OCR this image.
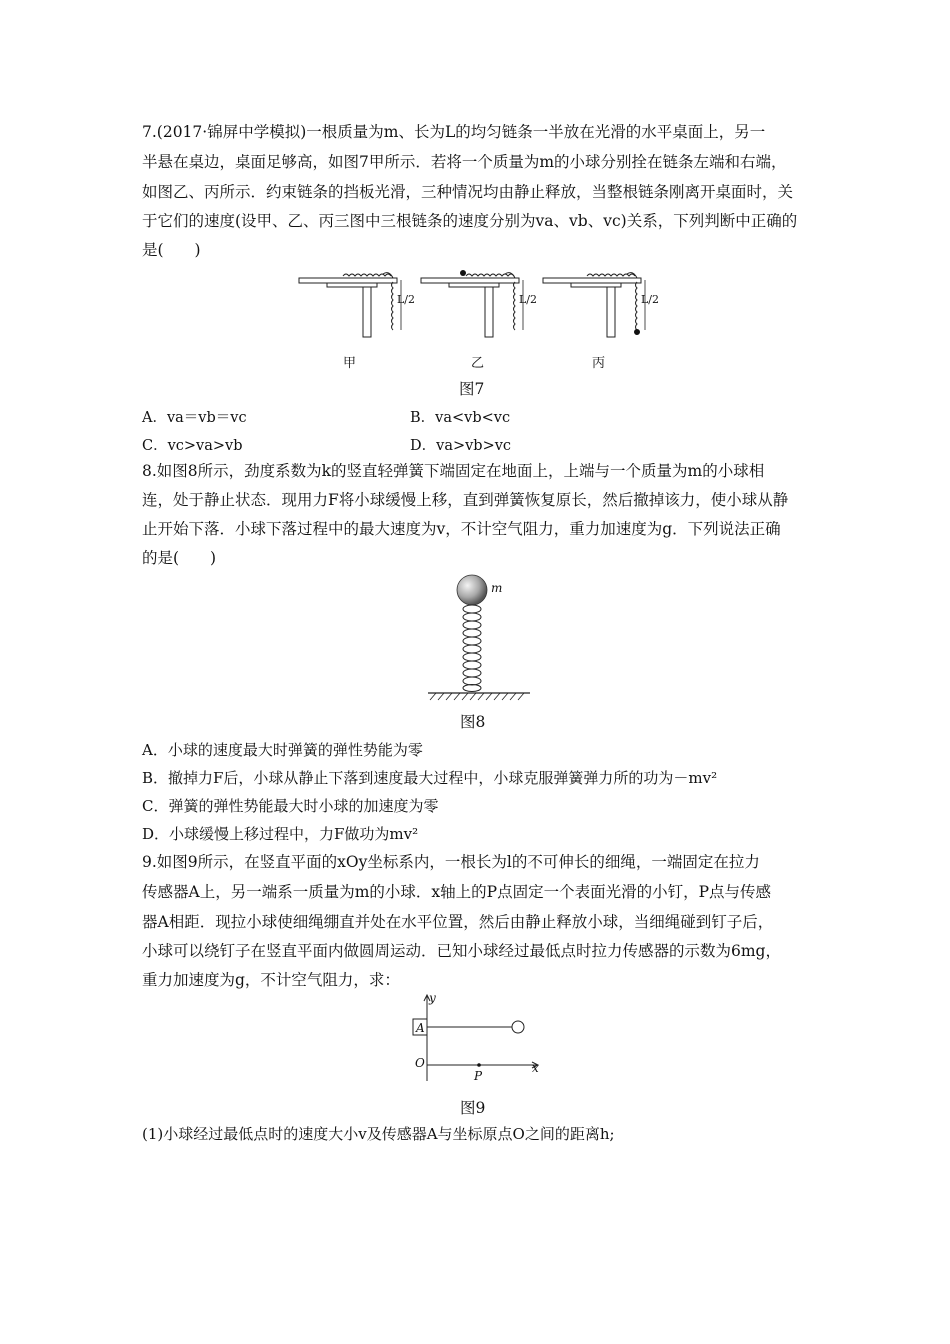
7.(2017·锦屏中学模拟)一根质量为m、长为L的均匀链条一半放在光滑的水平桌面上，另一
半悬在桌边，桌面足够高，如图7甲所示．若将一个质量为m的小球分别拴在链条左端和右端，
如图乙、丙所示．约束链条的挡板光滑，三种情况均由静止释放，当整根链条刚离开桌面时，关
于它们的速度(设甲、乙、丙三图中三根链条的速度分别为va、vb、vc)关系，下列判断中正确的
是(　　)
L/2	L/2	L/2
甲	乙	丙
图7
A．va＝vb＝vc	B．va<vb<vc
C．vc>va>vb	D．va>vb>vc
8.如图8所示，劲度系数为k的竖直轻弹簧下端固定在地面上，上端与一个质量为m的小球相
连，处于静止状态．现用力F将小球缓慢上移，直到弹簧恢复原长，然后撤掉该力，使小球从静
止开始下落．小球下落过程中的最大速度为v，不计空气阻力，重力加速度为g．下列说法正确
的是(　　)
m
图8
A．小球的速度最大时弹簧的弹性势能为零
B．撤掉力F后，小球从静止下落到速度最大过程中，小球克服弹簧弹力所的功为－mv²
C．弹簧的弹性势能最大时小球的加速度为零
D．小球缓慢上移过程中，力F做功为mv²
9.如图9所示，在竖直平面的xOy坐标系内，一根长为l的不可伸长的细绳，一端固定在拉力
传感器A上，另一端系一质量为m的小球．x轴上的P点固定一个表面光滑的小钉，P点与传感
器A相距．现拉小球使细绳绷直并处在水平位置，然后由静止释放小球，当细绳碰到钉子后，
小球可以绕钉子在竖直平面内做圆周运动．已知小球经过最低点时拉力传感器的示数为6mg，
重力加速度为g，不计空气阻力，求：
y
A
O
P
x
图9
(1)小球经过最低点时的速度大小v及传感器A与坐标原点O之间的距离h;
